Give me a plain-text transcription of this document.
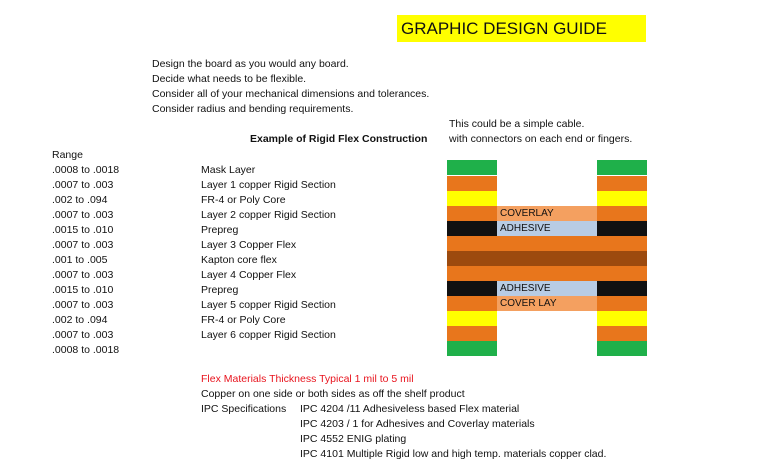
GRAPHIC DESIGN GUIDE
Design the board as you would any board.
Decide what needs to be flexible.
Consider all of your mechanical dimensions and tolerances.
Consider radius and bending requirements.
This could be a simple cable.
with connectors on each end or fingers.
Example of Rigid Flex Construction
Range
.0008 to .0018
.0007 to .003
.002 to .094
.0007 to .003
.0015 to .010
.0007 to .003
.001 to .005
.0007 to .003
.0015 to .010
.0007 to .003
.002 to .094
.0007 to .003
.0008 to .0018
Mask Layer
Layer 1 copper Rigid Section
FR-4 or Poly Core
Layer 2 copper Rigid Section
Prepreg
Layer 3 Copper Flex
Kapton core flex
Layer 4 Copper Flex
Prepreg
Layer 5 copper Rigid Section
FR-4 or Poly Core
Layer 6 copper Rigid Section
COVERLAY
ADHESIVE
ADHESIVE
COVER LAY
Flex Materials Thickness Typical 1 mil to 5 mil
Copper on one side or both sides as off the shelf product
IPC Specifications IPC 4204 /11 Adhesiveless based Flex material
IPC 4203 / 1 for Adhesives and Coverlay materials
IPC 4552 ENIG plating
IPC 4101 Multiple Rigid low and high temp. materials copper clad.
